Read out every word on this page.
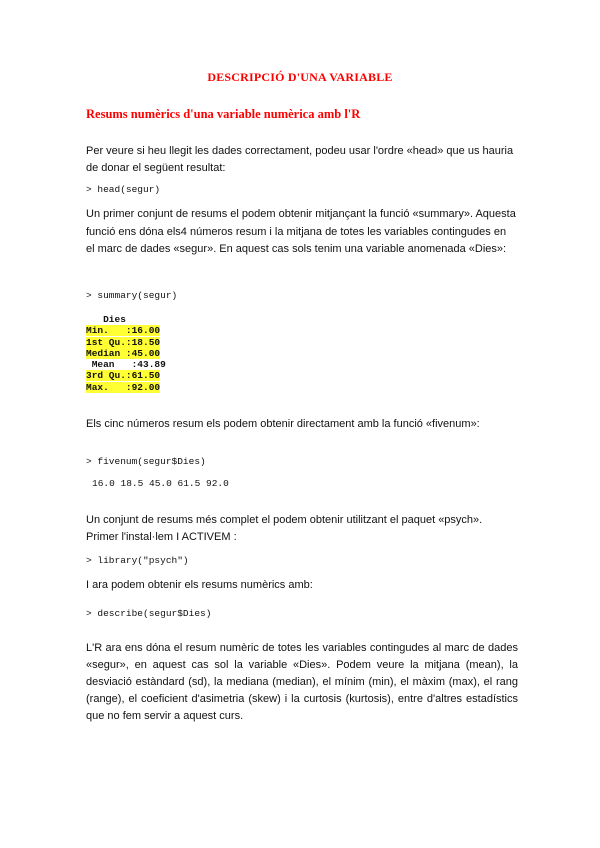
DESCRIPCIÓ D'UNA VARIABLE
Resums numèrics d'una variable numèrica amb l'R
Per veure si heu llegit les dades correctament, podeu usar l'ordre «head» que us hauria de donar el següent resultat:
> head(segur)
Un primer conjunt de resums el podem obtenir mitjançant la funció «summary». Aquesta funció ens dóna els4 números resum i la mitjana de totes les variables contingudes en el marc de dades «segur». En aquest cas sols tenim una variable anomenada «Dies»:
> summary(segur)
Dies
Min.   :16.00
1st Qu.:18.50
Median :45.00
Mean   :43.89
3rd Qu.:61.50
Max.   :92.00
Els cinc números resum els podem obtenir directament amb la funció «fivenum»:
> fivenum(segur$Dies)
16.0 18.5 45.0 61.5 92.0
Un conjunt de resums més complet el podem obtenir utilitzant el paquet «psych». Primer l'instal·lem I ACTIVEM :
> library("psych")
I ara podem obtenir els resums numèrics amb:
> describe(segur$Dies)
L'R ara ens dóna el resum numèric de totes les variables contingudes al marc de dades «segur», en aquest cas sol la variable «Dies». Podem veure la mitjana (mean), la desviació estàndard (sd), la mediana (median), el mínim (min), el màxim (max), el rang (range), el coeficient d'asimetria (skew) i la curtosis (kurtosis), entre d'altres estadístics que no fem servir a aquest curs.
